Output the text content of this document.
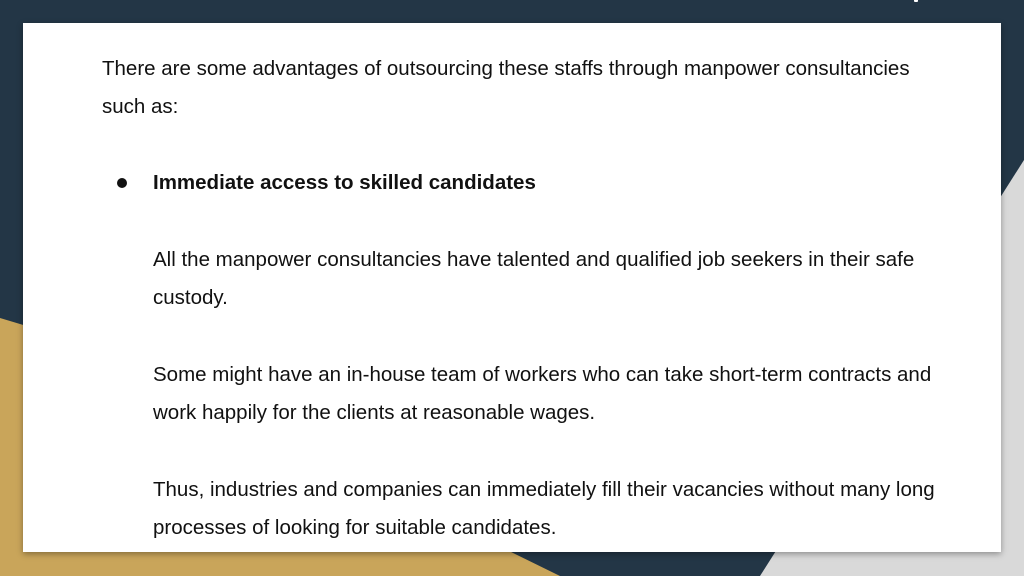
There are some advantages of outsourcing these staffs through manpower consultancies such as:

Immediate access to skilled candidates

All the manpower consultancies have talented and qualified job seekers in their safe custody.

Some might have an in-house team of workers who can take short-term contracts and work happily for the clients at reasonable wages.

Thus, industries and companies can immediately fill their vacancies without many long processes of looking for suitable candidates.
